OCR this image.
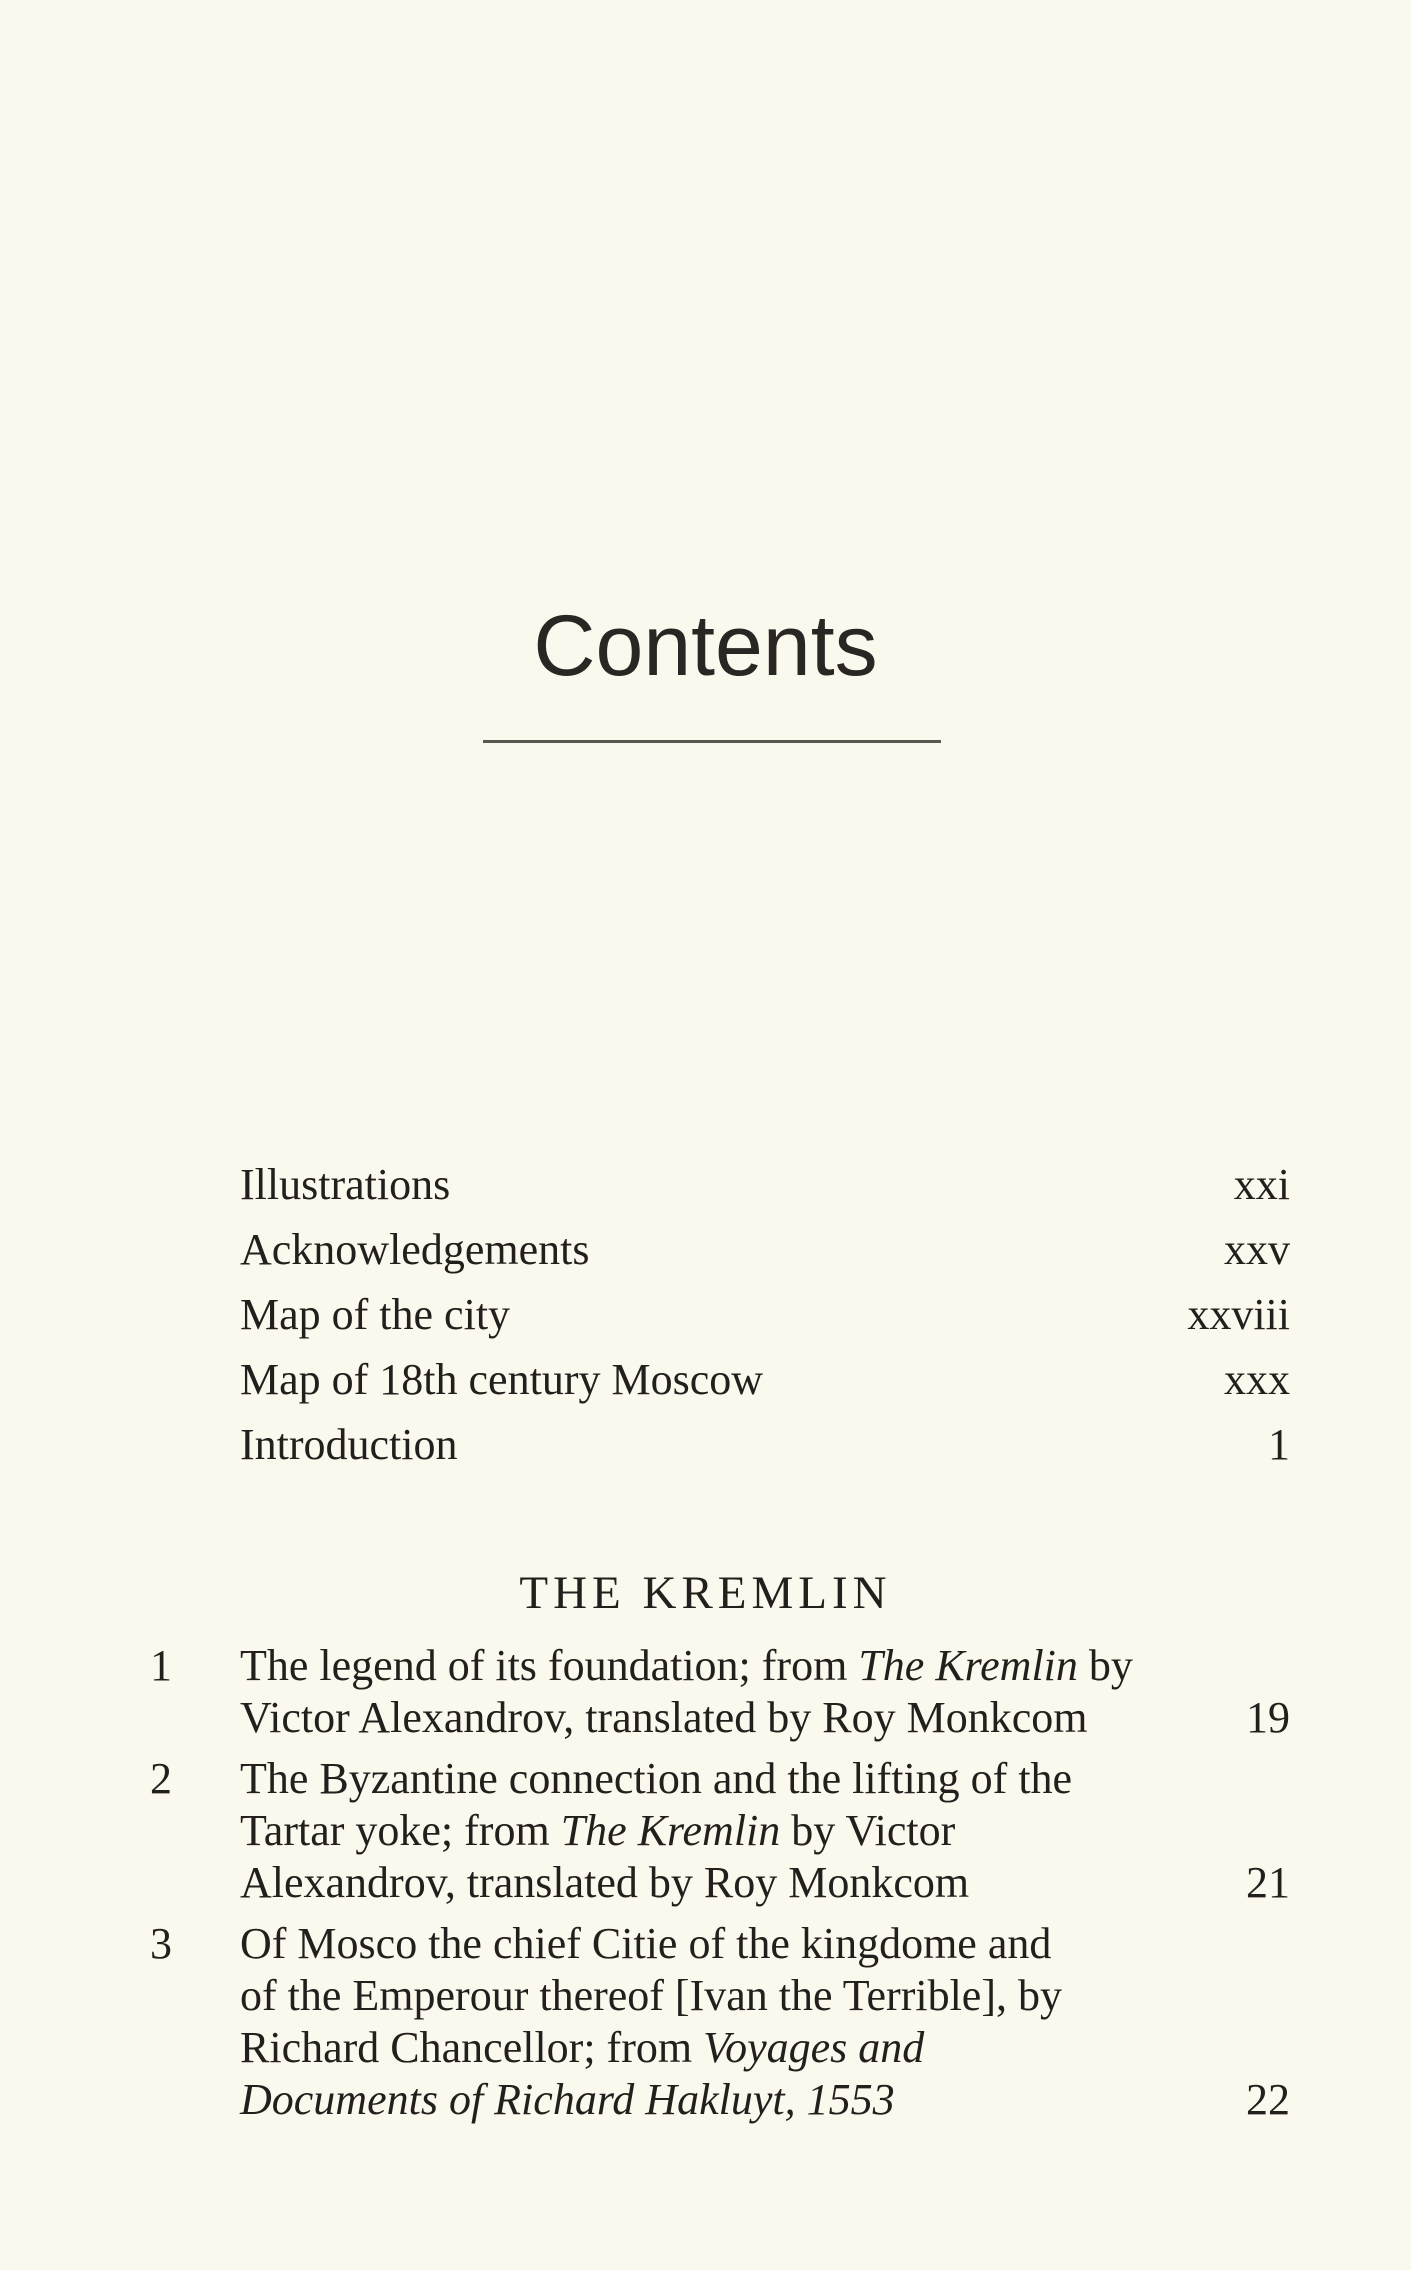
Contents
Illustrations	xxi
Acknowledgements	xxv
Map of the city	xxviii
Map of 18th century Moscow	xxx
Introduction	1
THE KREMLIN
1	The legend of its foundation; from The Kremlin by
Victor Alexandrov, translated by Roy Monkcom	19
2	The Byzantine connection and the lifting of the
Tartar yoke; from The Kremlin by Victor
Alexandrov, translated by Roy Monkcom	21
3	Of Mosco the chief Citie of the kingdome and
of the Emperour thereof [Ivan the Terrible], by
Richard Chancellor; from Voyages and
Documents of Richard Hakluyt, 1553	22
